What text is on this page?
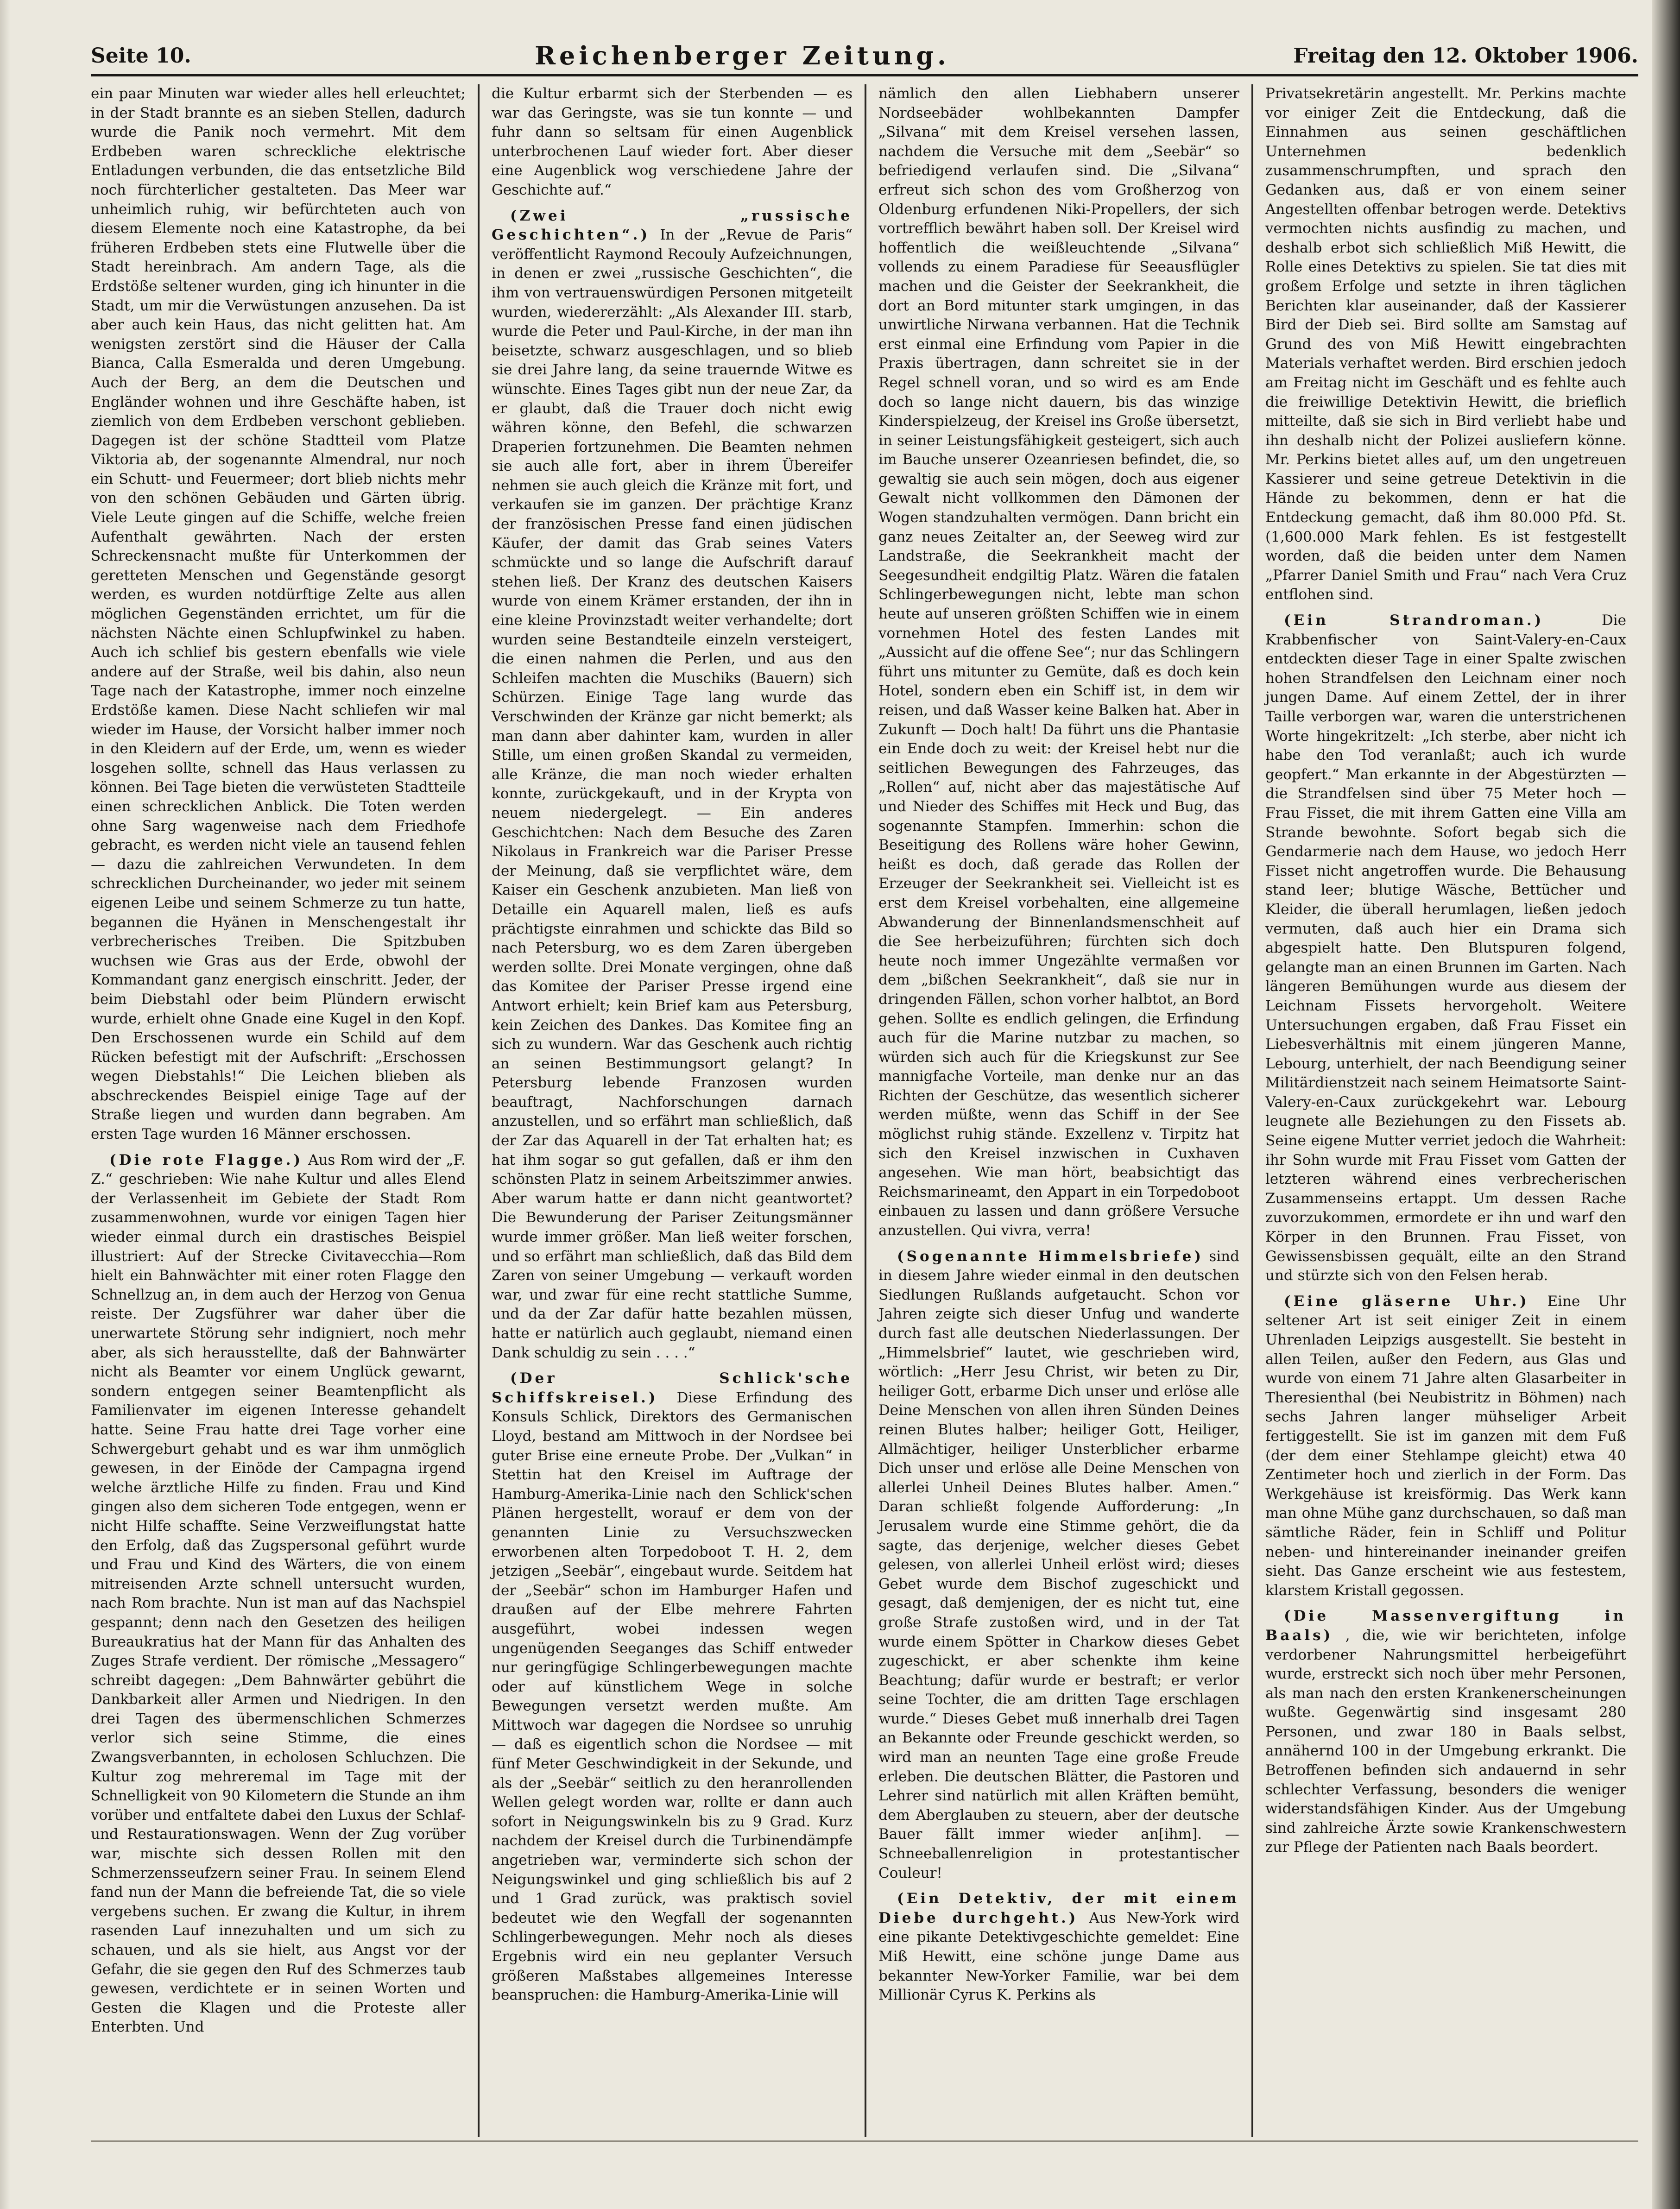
Seite 10.	Reichenberger Zeitung.	Freitag den 12. Oktober 1906.

ein paar Minuten war wieder alles hell erleuchtet; in der Stadt brannte es an sieben Stellen, dadurch wurde die Panik noch vermehrt. Mit dem Erdbeben waren schreckliche elektrische Entladungen verbunden, die das entsetzliche Bild noch fürchterlicher gestalteten. Das Meer war unheimlich ruhig, wir befürchteten auch von diesem Elemente noch eine Katastrophe, da bei früheren Erdbeben stets eine Flutwelle über die Stadt hereinbrach. Am andern Tage, als die Erdstöße seltener wurden, ging ich hinunter in die Stadt, um mir die Verwüstungen anzusehen. Da ist aber auch kein Haus, das nicht gelitten hat. Am wenigsten zerstört sind die Häuser der Calla Bianca, Calla Esmeralda und deren Umgebung. Auch der Berg, an dem die Deutschen und Engländer wohnen und ihre Geschäfte haben, ist ziemlich von dem Erdbeben verschont geblieben. Dagegen ist der schöne Stadtteil vom Platze Viktoria ab, der sogenannte Almendral, nur noch ein Schutt- und Feuermeer; dort blieb nichts mehr von den schönen Gebäuden und Gärten übrig. Viele Leute gingen auf die Schiffe, welche freien Aufenthalt gewährten. Nach der ersten Schreckensnacht mußte für Unterkommen der geretteten Menschen und Gegenstände gesorgt werden, es wurden notdürftige Zelte aus allen möglichen Gegenständen errichtet, um für die nächsten Nächte einen Schlupfwinkel zu haben. Auch ich schlief bis gestern ebenfalls wie viele andere auf der Straße, weil bis dahin, also neun Tage nach der Katastrophe, immer noch einzelne Erdstöße kamen. Diese Nacht schliefen wir mal wieder im Hause, der Vorsicht halber immer noch in den Kleidern auf der Erde, um, wenn es wieder losgehen sollte, schnell das Haus verlassen zu können. Bei Tage bieten die verwüsteten Stadtteile einen schrecklichen Anblick. Die Toten werden ohne Sarg wagenweise nach dem Friedhofe gebracht, es werden nicht viele an tausend fehlen — dazu die zahlreichen Verwundeten. In dem schrecklichen Durcheinander, wo jeder mit seinem eigenen Leibe und seinem Schmerze zu tun hatte, begannen die Hyänen in Menschengestalt ihr verbrecherisches Treiben. Die Spitzbuben wuchsen wie Gras aus der Erde, obwohl der Kommandant ganz energisch einschritt. Jeder, der beim Diebstahl oder beim Plündern erwischt wurde, erhielt ohne Gnade eine Kugel in den Kopf. Den Erschossenen wurde ein Schild auf dem Rücken befestigt mit der Aufschrift: „Erschossen wegen Diebstahls!“ Die Leichen blieben als abschreckendes Beispiel einige Tage auf der Straße liegen und wurden dann begraben. Am ersten Tage wurden 16 Männer erschossen.

(Die rote Flagge.) Aus Rom wird der „F. Z.“ geschrieben: Wie nahe Kultur und alles Elend der Verlassenheit im Gebiete der Stadt Rom zusammenwohnen, wurde vor einigen Tagen hier wieder einmal durch ein drastisches Beispiel illustriert: Auf der Strecke Civitavecchia—Rom hielt ein Bahnwächter mit einer roten Flagge den Schnellzug an, in dem auch der Herzog von Genua reiste. Der Zugsführer war daher über die unerwartete Störung sehr indigniert, noch mehr aber, als sich herausstellte, daß der Bahnwärter nicht als Beamter vor einem Unglück gewarnt, sondern entgegen seiner Beamtenpflicht als Familienvater im eigenen Interesse gehandelt hatte. Seine Frau hatte drei Tage vorher eine Schwergeburt gehabt und es war ihm unmöglich gewesen, in der Einöde der Campagna irgend welche ärztliche Hilfe zu finden. Frau und Kind gingen also dem sicheren Tode entgegen, wenn er nicht Hilfe schaffte. Seine Verzweiflungstat hatte den Erfolg, daß das Zugspersonal geführt wurde und Frau und Kind des Wärters, die von einem mitreisenden Arzte schnell untersucht wurden, nach Rom brachte. Nun ist man auf das Nachspiel gespannt; denn nach den Gesetzen des heiligen Bureaukratius hat der Mann für das Anhalten des Zuges Strafe verdient. Der römische „Messagero“ schreibt dagegen: „Dem Bahnwärter gebührt die Dankbarkeit aller Armen und Niedrigen. In den drei Tagen des übermenschlichen Schmerzes verlor sich seine Stimme, die eines Zwangsverbannten, in echolosen Schluchzen. Die Kultur zog mehreremal im Tage mit der Schnelligkeit von 90 Kilometern die Stunde an ihm vorüber und entfaltete dabei den Luxus der Schlaf- und Restaurationswagen. Wenn der Zug vorüber war, mischte sich dessen Rollen mit den Schmerzensseufzern seiner Frau. In seinem Elend fand nun der Mann die befreiende Tat, die so viele vergebens suchen. Er zwang die Kultur, in ihrem rasenden Lauf innezuhalten und um sich zu schauen, und als sie hielt, aus Angst vor der Gefahr, die sie gegen den Ruf des Schmerzes taub gewesen, verdichtete er in seinen Worten und Gesten die Klagen und die Proteste aller Enterbten. Und

die Kultur erbarmt sich der Sterbenden — es war das Geringste, was sie tun konnte — und fuhr dann so seltsam für einen Augenblick unterbrochenen Lauf wieder fort. Aber dieser eine Augenblick wog verschiedene Jahre der Geschichte auf.“

(Zwei „russische Geschichten“.) In der „Revue de Paris“ veröffentlicht Raymond Recouly Aufzeichnungen, in denen er zwei „russische Geschichten“, die ihm von vertrauenswürdigen Personen mitgeteilt wurden, wiedererzählt: „Als Alexander III. starb, wurde die Peter und Paul-Kirche, in der man ihn beisetzte, schwarz ausgeschlagen, und so blieb sie drei Jahre lang, da seine trauernde Witwe es wünschte. Eines Tages gibt nun der neue Zar, da er glaubt, daß die Trauer doch nicht ewig währen könne, den Befehl, die schwarzen Draperien fortzunehmen. Die Beamten nehmen sie auch alle fort, aber in ihrem Übereifer nehmen sie auch gleich die Kränze mit fort, und verkaufen sie im ganzen. Der prächtige Kranz der französischen Presse fand einen jüdischen Käufer, der damit das Grab seines Vaters schmückte und so lange die Aufschrift darauf stehen ließ. Der Kranz des deutschen Kaisers wurde von einem Krämer erstanden, der ihn in eine kleine Provinzstadt weiter verhandelte; dort wurden seine Bestandteile einzeln versteigert, die einen nahmen die Perlen, und aus den Schleifen machten die Muschiks (Bauern) sich Schürzen. Einige Tage lang wurde das Verschwinden der Kränze gar nicht bemerkt; als man dann aber dahinter kam, wurden in aller Stille, um einen großen Skandal zu vermeiden, alle Kränze, die man noch wieder erhalten konnte, zurückgekauft, und in der Krypta von neuem niedergelegt. — Ein anderes Geschichtchen: Nach dem Besuche des Zaren Nikolaus in Frankreich war die Pariser Presse der Meinung, daß sie verpflichtet wäre, dem Kaiser ein Geschenk anzubieten. Man ließ von Detaille ein Aquarell malen, ließ es aufs prächtigste einrahmen und schickte das Bild so nach Petersburg, wo es dem Zaren übergeben werden sollte. Drei Monate vergingen, ohne daß das Komitee der Pariser Presse irgend eine Antwort erhielt; kein Brief kam aus Petersburg, kein Zeichen des Dankes. Das Komitee fing an sich zu wundern. War das Geschenk auch richtig an seinen Bestimmungsort gelangt? In Petersburg lebende Franzosen wurden beauftragt, Nachforschungen darnach anzustellen, und so erfährt man schließlich, daß der Zar das Aquarell in der Tat erhalten hat; es hat ihm sogar so gut gefallen, daß er ihm den schönsten Platz in seinem Arbeitszimmer anwies. Aber warum hatte er dann nicht geantwortet? Die Bewunderung der Pariser Zeitungsmänner wurde immer größer. Man ließ weiter forschen, und so erfährt man schließlich, daß das Bild dem Zaren von seiner Umgebung — verkauft worden war, und zwar für eine recht stattliche Summe, und da der Zar dafür hatte bezahlen müssen, hatte er natürlich auch geglaubt, niemand einen Dank schuldig zu sein . . . .“

(Der Schlick'sche Schiffskreisel.) Diese Erfindung des Konsuls Schlick, Direktors des Germanischen Lloyd, bestand am Mittwoch in der Nordsee bei guter Brise eine erneute Probe. Der „Vulkan“ in Stettin hat den Kreisel im Auftrage der Hamburg-Amerika-Linie nach den Schlick'schen Plänen hergestellt, worauf er dem von der genannten Linie zu Versuchszwecken erworbenen alten Torpedoboot T. H. 2, dem jetzigen „Seebär“, eingebaut wurde. Seitdem hat der „Seebär“ schon im Hamburger Hafen und draußen auf der Elbe mehrere Fahrten ausgeführt, wobei indessen wegen ungenügenden Seeganges das Schiff entweder nur geringfügige Schlingerbewegungen machte oder auf künstlichem Wege in solche Bewegungen versetzt werden mußte. Am Mittwoch war dagegen die Nordsee so unruhig — daß es eigentlich schon die Nordsee — mit fünf Meter Geschwindigkeit in der Sekunde, und als der „Seebär“ seitlich zu den heranrollenden Wellen gelegt worden war, rollte er dann auch sofort in Neigungswinkeln bis zu 9 Grad. Kurz nachdem der Kreisel durch die Turbinendämpfe angetrieben war, verminderte sich schon der Neigungswinkel und ging schließlich bis auf 2 und 1 Grad zurück, was praktisch soviel bedeutet wie den Wegfall der sogenannten Schlingerbewegungen. Mehr noch als dieses Ergebnis wird ein neu geplanter Versuch größeren Maßstabes allgemeines Interesse beanspruchen: die Hamburg-Amerika-Linie will

nämlich den allen Liebhabern unserer Nordseebäder wohlbekannten Dampfer „Silvana“ mit dem Kreisel versehen lassen, nachdem die Versuche mit dem „Seebär“ so befriedigend verlaufen sind. Die „Silvana“ erfreut sich schon des vom Großherzog von Oldenburg erfundenen Niki-Propellers, der sich vortrefflich bewährt haben soll. Der Kreisel wird hoffentlich die weißleuchtende „Silvana“ vollends zu einem Paradiese für Seeausflügler machen und die Geister der Seekrankheit, die dort an Bord mitunter stark umgingen, in das unwirtliche Nirwana verbannen. Hat die Technik erst einmal eine Erfindung vom Papier in die Praxis übertragen, dann schreitet sie in der Regel schnell voran, und so wird es am Ende doch so lange nicht dauern, bis das winzige Kinderspielzeug, der Kreisel ins Große übersetzt, in seiner Leistungsfähigkeit gesteigert, sich auch im Bauche unserer Ozeanriesen befindet, die, so gewaltig sie auch sein mögen, doch aus eigener Gewalt nicht vollkommen den Dämonen der Wogen standzuhalten vermögen. Dann bricht ein ganz neues Zeitalter an, der Seeweg wird zur Landstraße, die Seekrankheit macht der Seegesundheit endgiltig Platz. Wären die fatalen Schlingerbewegungen nicht, lebte man schon heute auf unseren größten Schiffen wie in einem vornehmen Hotel des festen Landes mit „Aussicht auf die offene See“; nur das Schlingern führt uns mitunter zu Gemüte, daß es doch kein Hotel, sondern eben ein Schiff ist, in dem wir reisen, und daß Wasser keine Balken hat. Aber in Zukunft — Doch halt! Da führt uns die Phantasie ein Ende doch zu weit: der Kreisel hebt nur die seitlichen Bewegungen des Fahrzeuges, das „Rollen“ auf, nicht aber das majestätische Auf und Nieder des Schiffes mit Heck und Bug, das sogenannte Stampfen. Immerhin: schon die Beseitigung des Rollens wäre hoher Gewinn, heißt es doch, daß gerade das Rollen der Erzeuger der Seekrankheit sei. Vielleicht ist es erst dem Kreisel vorbehalten, eine allgemeine Abwanderung der Binnenlandsmenschheit auf die See herbeizuführen; fürchten sich doch heute noch immer Ungezählte vermaßen vor dem „bißchen Seekrankheit“, daß sie nur in dringenden Fällen, schon vorher halbtot, an Bord gehen. Sollte es endlich gelingen, die Erfindung auch für die Marine nutzbar zu machen, so würden sich auch für die Kriegskunst zur See mannigfache Vorteile, man denke nur an das Richten der Geschütze, das wesentlich sicherer werden müßte, wenn das Schiff in der See möglichst ruhig stände. Exzellenz v. Tirpitz hat sich den Kreisel inzwischen in Cuxhaven angesehen. Wie man hört, beabsichtigt das Reichsmarineamt, den Appart in ein Torpedoboot einbauen zu lassen und dann größere Versuche anzustellen. Qui vivra, verra!

(Sogenannte Himmelsbriefe) sind in diesem Jahre wieder einmal in den deutschen Siedlungen Rußlands aufgetaucht. Schon vor Jahren zeigte sich dieser Unfug und wanderte durch fast alle deutschen Niederlassungen. Der „Himmelsbrief“ lautet, wie geschrieben wird, wörtlich: „Herr Jesu Christ, wir beten zu Dir, heiliger Gott, erbarme Dich unser und erlöse alle Deine Menschen von allen ihren Sünden Deines reinen Blutes halber; heiliger Gott, Heiliger, Allmächtiger, heiliger Unsterblicher erbarme Dich unser und erlöse alle Deine Menschen von allerlei Unheil Deines Blutes halber. Amen.“ Daran schließt folgende Aufforderung: „In Jerusalem wurde eine Stimme gehört, die da sagte, das derjenige, welcher dieses Gebet gelesen, von allerlei Unheil erlöst wird; dieses Gebet wurde dem Bischof zugeschickt und gesagt, daß demjenigen, der es nicht tut, eine große Strafe zustoßen wird, und in der Tat wurde einem Spötter in Charkow dieses Gebet zugeschickt, er aber schenkte ihm keine Beachtung; dafür wurde er bestraft; er verlor seine Tochter, die am dritten Tage erschlagen wurde.“ Dieses Gebet muß innerhalb drei Tagen an Bekannte oder Freunde geschickt werden, so wird man an neunten Tage eine große Freude erleben. Die deutschen Blätter, die Pastoren und Lehrer sind natürlich mit allen Kräften bemüht, dem Aberglauben zu steuern, aber der deutsche Bauer fällt immer wieder an[ihm]. — Schneeballenreligion in protestantischer Couleur!

(Ein Detektiv, der mit einem Diebe durchgeht.) Aus New-York wird eine pikante Detektivgeschichte gemeldet: Eine Miß Hewitt, eine schöne junge Dame aus bekannter New-Yorker Familie, war bei dem Millionär Cyrus K. Perkins als

Privatsekretärin angestellt. Mr. Perkins machte vor einiger Zeit die Entdeckung, daß die Einnahmen aus seinen geschäftlichen Unternehmen bedenklich zusammenschrumpften, und sprach den Gedanken aus, daß er von einem seiner Angestellten offenbar betrogen werde. Detektivs vermochten nichts ausfindig zu machen, und deshalb erbot sich schließlich Miß Hewitt, die Rolle eines Detektivs zu spielen. Sie tat dies mit großem Erfolge und setzte in ihren täglichen Berichten klar auseinander, daß der Kassierer Bird der Dieb sei. Bird sollte am Samstag auf Grund des von Miß Hewitt eingebrachten Materials verhaftet werden. Bird erschien jedoch am Freitag nicht im Geschäft und es fehlte auch die freiwillige Detektivin Hewitt, die brieflich mitteilte, daß sie sich in Bird verliebt habe und ihn deshalb nicht der Polizei ausliefern könne. Mr. Perkins bietet alles auf, um den ungetreuen Kassierer und seine getreue Detektivin in die Hände zu bekommen, denn er hat die Entdeckung gemacht, daß ihm 80.000 Pfd. St. (1,600.000 Mark fehlen. Es ist festgestellt worden, daß die beiden unter dem Namen „Pfarrer Daniel Smith und Frau“ nach Vera Cruz entflohen sind.

(Ein Strandroman.)	Die Krabbenfischer von Saint-Valery-en-Caux entdeckten dieser Tage in einer Spalte zwischen hohen Strandfelsen den Leichnam einer noch jungen Dame. Auf einem Zettel, der in ihrer Taille verborgen war, waren die unterstrichenen Worte hingekritzelt: „Ich sterbe, aber nicht ich habe den Tod veranlaßt; auch ich wurde geopfert.“ Man erkannte in der Abgestürzten — die Strandfelsen sind über 75 Meter hoch — Frau Fisset, die mit ihrem Gatten eine Villa am Strande bewohnte. Sofort begab sich die Gendarmerie nach dem Hause, wo jedoch Herr Fisset nicht angetroffen wurde. Die Behausung stand leer; blutige Wäsche, Bettücher und Kleider, die überall herumlagen, ließen jedoch vermuten, daß auch hier ein Drama sich abgespielt hatte. Den Blutspuren folgend, gelangte man an einen Brunnen im Garten. Nach längeren Bemühungen wurde aus diesem der Leichnam Fissets hervorgeholt. Weitere Untersuchungen ergaben, daß Frau Fisset ein Liebesverhältnis mit einem jüngeren Manne, Lebourg, unterhielt, der nach Beendigung seiner Militärdienstzeit nach seinem Heimatsorte Saint-Valery-en-Caux zurückgekehrt war. Lebourg leugnete alle Beziehungen zu den Fissets ab. Seine eigene Mutter verriet jedoch die Wahrheit: ihr Sohn wurde mit Frau Fisset vom Gatten der letzteren während eines verbrecherischen Zusammenseins ertappt. Um dessen Rache zuvorzukommen, ermordete er ihn und warf den Körper in den Brunnen. Frau Fisset, von Gewissensbissen gequält, eilte an den Strand und stürzte sich von den Felsen herab.

(Eine gläserne Uhr.) Eine Uhr seltener Art ist seit einiger Zeit in einem Uhrenladen Leipzigs ausgestellt. Sie besteht in allen Teilen, außer den Federn, aus Glas und wurde von einem 71 Jahre alten Glasarbeiter in Theresienthal (bei Neubistritz in Böhmen) nach sechs Jahren langer mühseliger Arbeit fertiggestellt. Sie ist im ganzen mit dem Fuß (der dem einer Stehlampe gleicht) etwa 40 Zentimeter hoch und zierlich in der Form. Das Werkgehäuse ist kreisförmig. Das Werk kann man ohne Mühe ganz durchschauen, so daß man sämtliche Räder, fein in Schliff und Politur neben- und hintereinander ineinander greifen sieht. Das Ganze erscheint wie aus festestem, klarstem Kristall gegossen.

(Die Massenvergiftung in Baals) , die, wie wir berichteten, infolge verdorbener Nahrungsmittel herbeigeführt wurde, erstreckt sich noch über mehr Personen, als man nach den ersten Krankenerscheinungen wußte. Gegenwärtig sind insgesamt 280 Personen, und zwar 180 in Baals selbst, annähernd 100 in der Umgebung erkrankt. Die Betroffenen befinden sich andauernd in sehr schlechter Verfassung, besonders die weniger widerstandsfähigen Kinder. Aus der Umgebung sind zahlreiche Ärzte sowie Krankenschwestern zur Pflege der Patienten nach Baals beordert.
